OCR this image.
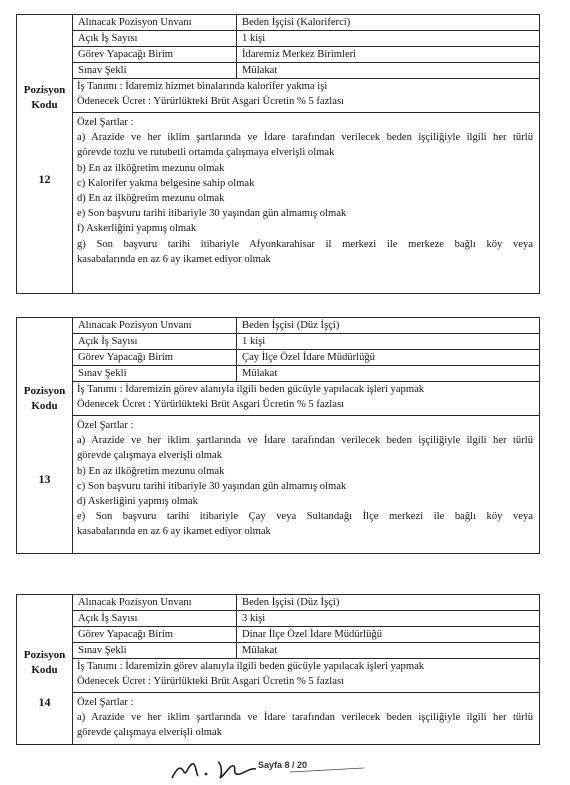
Pozisyon
Kodu
12
Alınacak Pozisyon Unvanı	Beden İşçisi (Kaloriferci)
Açık İş Sayısı	1 kişi
Görev Yapacağı Birim	İdaremiz Merkez Birimleri
Sınav Şekli	Mülakat
İş Tanımı : İdaremiz hizmet binalarında kalorifer yakma işi
Ödenecek Ücret : Yürürlükteki Brüt Asgari Ücretin % 5 fazlası
Özel Şartlar :
a) Arazide ve her iklim şartlarında ve İdare tarafından verilecek beden işçiliğiyle ilgili her türlü
görevde tozlu ve rutubetli ortamda çalışmaya elverişli olmak
b) En az ilköğretim mezunu olmak
c) Kalorifer yakma belgesine sahip olmak
d) En az ilköğretim mezunu olmak
e) Son başvuru tarihi itibariyle 30 yaşından gün almamış olmak
f) Askerliğini yapmış olmak
g) Son başvuru tarihi itibariyle Afyonkarahisar il merkezi ile merkeze bağlı köy veya
kasabalarında en az 6 ay ikamet ediyor olmak
Pozisyon
Kodu
13
Alınacak Pozisyon Unvanı	Beden İşçisi (Düz İşçi)
Açık İş Sayısı	1 kişi
Görev Yapacağı Birim	Çay İlçe Özel İdare Müdürlüğü
Sınav Şekli	Mülakat
İş Tanımı : İdaremizin görev alanıyla ilgili beden gücüyle yapılacak işleri yapmak
Ödenecek Ücret : Yürürlükteki Brüt Asgari Ücretin % 5 fazlası
Özel Şartlar :
a) Arazide ve her iklim şartlarında ve İdare tarafından verilecek beden işçiliğiyle ilgili her türlü
görevde çalışmaya elverişli olmak
b) En az ilköğretim mezunu olmak
c) Son başvuru tarihi itibariyle 30 yaşından gün almamış olmak
d) Askerliğini yapmış olmak
e) Son başvuru tarihi itibariyle Çay veya Sultandağı İlçe merkezi ile bağlı köy veya
kasabalarında en az 6 ay ikamet ediyor olmak
Pozisyon
Kodu
14
Alınacak Pozisyon Unvanı	Beden İşçisi (Düz İşçi)
Açık İş Sayısı	3 kişi
Görev Yapacağı Birim	Dinar İlçe Özel İdare Müdürlüğü
Sınav Şekli	Mülakat
İş Tanımı : İdaremizin görev alanıyla ilgili beden gücüyle yapılacak işleri yapmak
Ödenecek Ücret : Yürürlükteki Brüt Asgari Ücretin % 5 fazlası
Özel Şartlar :
a) Arazide ve her iklim şartlarında ve İdare tarafından verilecek beden işçiliğiyle ilgili her türlü
görevde çalışmaya elverişli olmak
Sayfa 8 / 20
